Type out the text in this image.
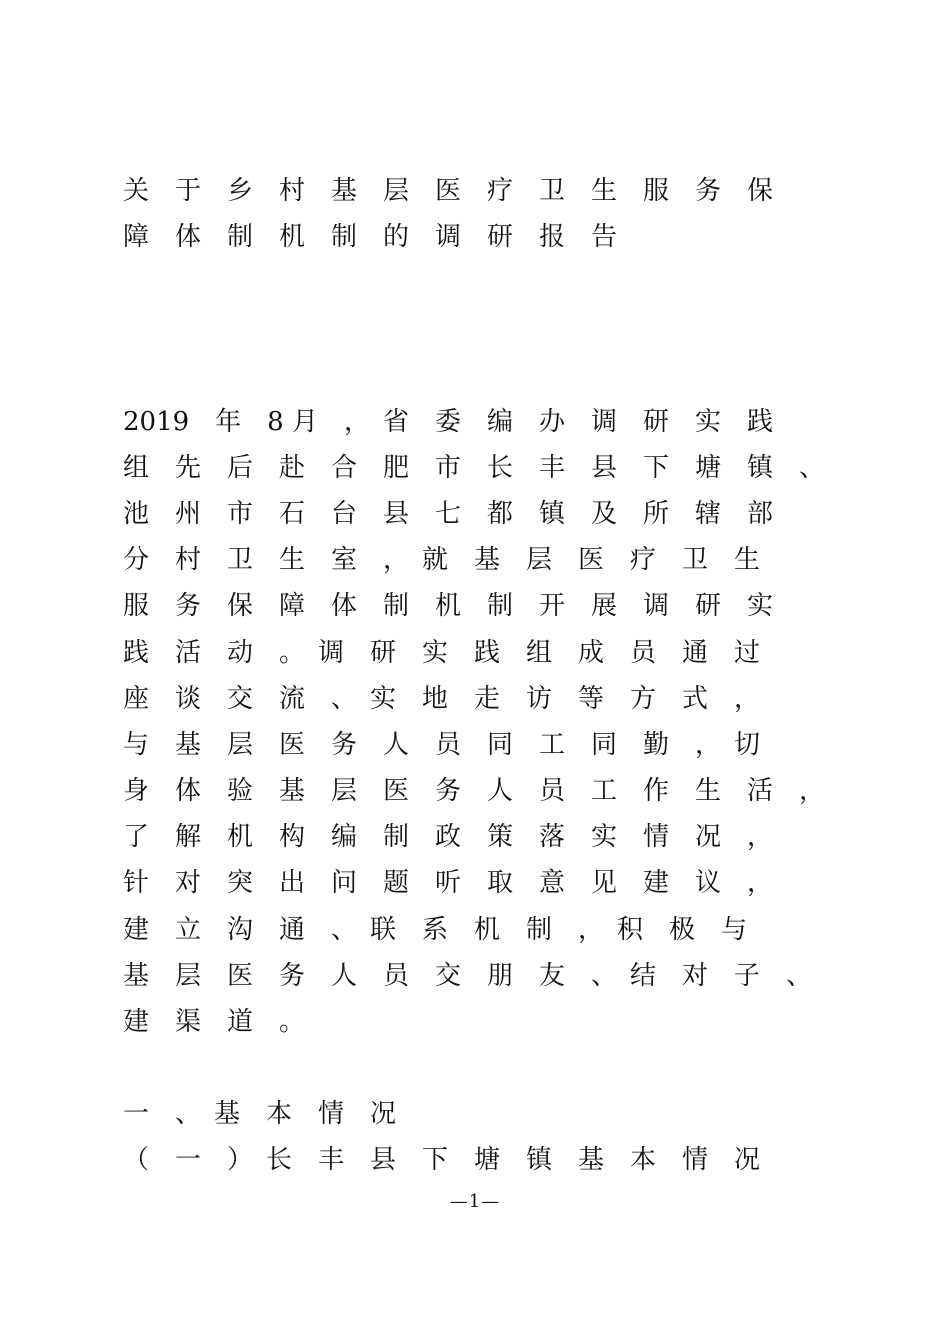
关　于　乡　村　基　层　医　疗　卫　生　服　务　保
障　体　制　机　制　的　调　研　报　告
2019　年　8 月　，　省　委　编　办　调　研　实　践
组　先　后　赴　合　肥　市　长　丰　县　下　塘　镇　、
池　州　市　石　台　县　七　都　镇　及　所　辖　部
分　村　卫　生　室　，　就　基　层　医　疗　卫　生
服　务　保　障　体　制　机　制　开　展　调　研　实
践　活　动　。　调　研　实　践　组　成　员　通　过
座　谈　交　流　、　实　地　走　访　等　方　式　，
与　基　层　医　务　人　员　同　工　同　勤　，　切
身　体　验　基　层　医　务　人　员　工　作　生　活　，
了　解　机　构　编　制　政　策　落　实　情　况　，
针　对　突　出　问　题　听　取　意　见　建　议　，
建　立　沟　通　、　联　系　机　制　，　积　极　与
基　层　医　务　人　员　交　朋　友　、　结　对　子　、
建　渠　道　。
一　、　基　本　情　况
（　一　）　长　丰　县　下　塘　镇　基　本　情　况
—1—
